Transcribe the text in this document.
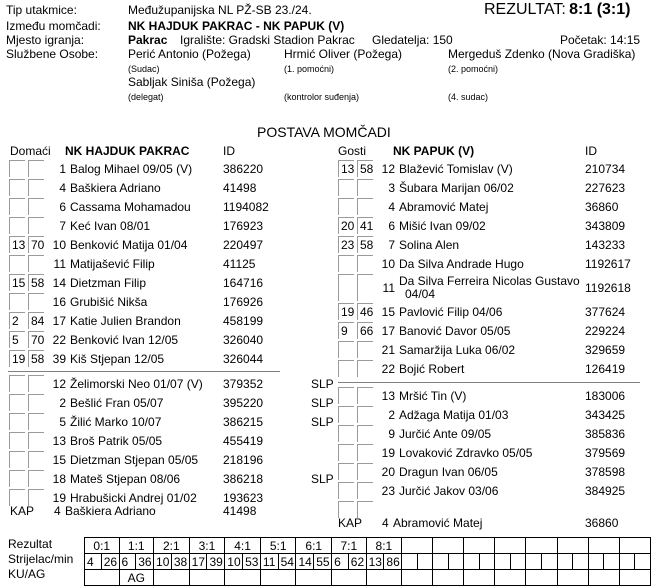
Tip utakmice:	Međužupanijska NL PŽ-SB 23./24.	REZULTAT: 8:1 (3:1)
Između momčadi: NK HAJDUK PAKRAC - NK PAPUK (V)
Mjesto igranja:	Pakrac Igralište: Gradski Stadion Pakrac Gledatelja: 150	Početak: 14:15
Službene Osobe: Perić Antonio (Požega)	Hrmić Oliver (Požega)	Mergeduš Zdenko (Nova Gradiška)
(Sudac)	(1. pomoćni)	(2. pomoćni)
Sabljak Siniša (Požega)
(delegat)	(kontrolor suđenja)	(4. sudac)
POSTAVA MOMČADI
Domaći NK HAJDUK PAKRAC	ID	Gosti NK PAPUK (V)	ID
1 Balog Mihael 09/05 (V)	386220
4 Baškiera Adriano	41498
6 Cassama Mohamadou	1194082
7 Keć Ivan 08/01	176923
13 70 10 Benković Matija 01/04	220497
11 Matijašević Filip	41125
15 58 14 Dietzman Filip	164716
16 Grubišić Nikša	176926
2	84 17 Katie Julien Brandon	458199
5	70 22 Benković Ivan 12/05	326040
19 58 39 Kiš Stjepan 12/05	326044
12 Želimorski Neo 01/07 (V) 379352	SLP
2 Bešlić Fran 05/07	395220	SLP
5 Žilić Marko 10/07	386215	SLP
13 Broš Patrik 05/05	455419
15 Dietzman Stjepan 05/05 218196
18 Mateš Stjepan 08/06	386218	SLP
19 Hrabušicki Andrej 01/02 193623
13 58 12 Blažević Tomislav (V)	210734
3 Šubara Marijan 06/02	227623
4 Abramović Matej	36860
20 41	6 Mišić Ivan 09/02	343809
23 58	7 Solina Alen	143233
10 Da Silva Andrade Hugo	1192617
11 Da Silva Ferreira Nicolas Gustavo
04/04	1192618
19 46 15 Pavlović Filip 04/06	377624
9	66 17 Banović Davor 05/05	229224
21 Samaržija Luka 06/02	329659
22 Bojić Robert	126419
13 Mršić Tin (V)	183006
2 Adžaga Matija 01/03	343425
9 Jurčić Ante 09/05	385836
19 Lovaković Zdravko 05/05	379569
20 Dragun Ivan 06/05	378598
23 Jurčić Jakov 03/06	384925
KAP 4 Baškiera Adriano	41498
KAP 4 Abramović Matej	36860
Rezultat
Strijelac/min
KU/AG
0:1		1:1		2:1		3:1		4:1		5:1		6:1		7:1		8:1																	
4	26	6	36	10	38	17	39	10	53	11	54	14	55	6	62	13	86																
		AG																															
